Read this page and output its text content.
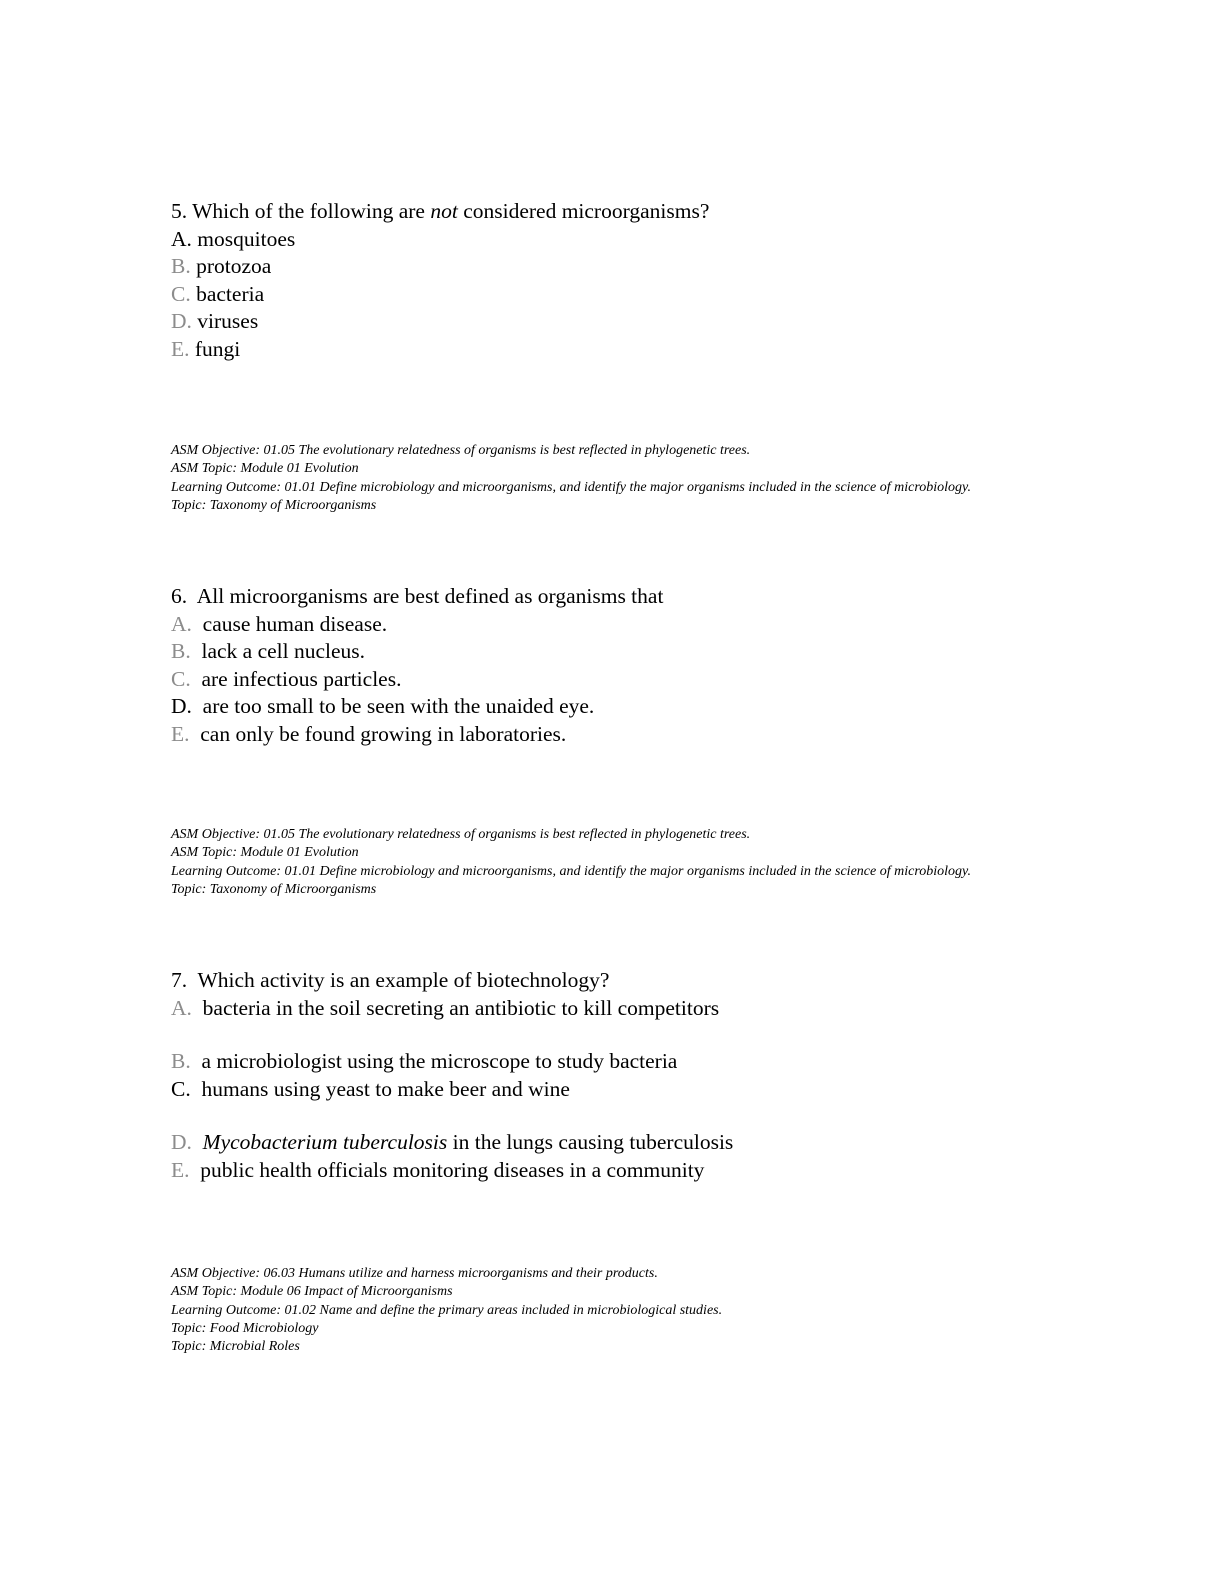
5. Which of the following are not considered microorganisms?
A. mosquitoes
B. protozoa
C. bacteria
D. viruses
E. fungi
ASM Objective: 01.05 The evolutionary relatedness of organisms is best reflected in phylogenetic trees.
ASM Topic: Module 01 Evolution
Learning Outcome: 01.01 Define microbiology and microorganisms, and identify the major organisms included in the science of microbiology.
Topic: Taxonomy of Microorganisms
6.  All microorganisms are best defined as organisms that
A. cause human disease.
B. lack a cell nucleus.
C. are infectious particles.
D. are too small to be seen with the unaided eye.
E. can only be found growing in laboratories.
ASM Objective: 01.05 The evolutionary relatedness of organisms is best reflected in phylogenetic trees.
ASM Topic: Module 01 Evolution
Learning Outcome: 01.01 Define microbiology and microorganisms, and identify the major organisms included in the science of microbiology.
Topic: Taxonomy of Microorganisms
7.  Which activity is an example of biotechnology?
A. bacteria in the soil secreting an antibiotic to kill competitors
B. a microbiologist using the microscope to study bacteria
C. humans using yeast to make beer and wine
D. Mycobacterium tuberculosis in the lungs causing tuberculosis
E. public health officials monitoring diseases in a community
ASM Objective: 06.03 Humans utilize and harness microorganisms and their products.
ASM Topic: Module 06 Impact of Microorganisms
Learning Outcome: 01.02 Name and define the primary areas included in microbiological studies.
Topic: Food Microbiology
Topic: Microbial Roles
